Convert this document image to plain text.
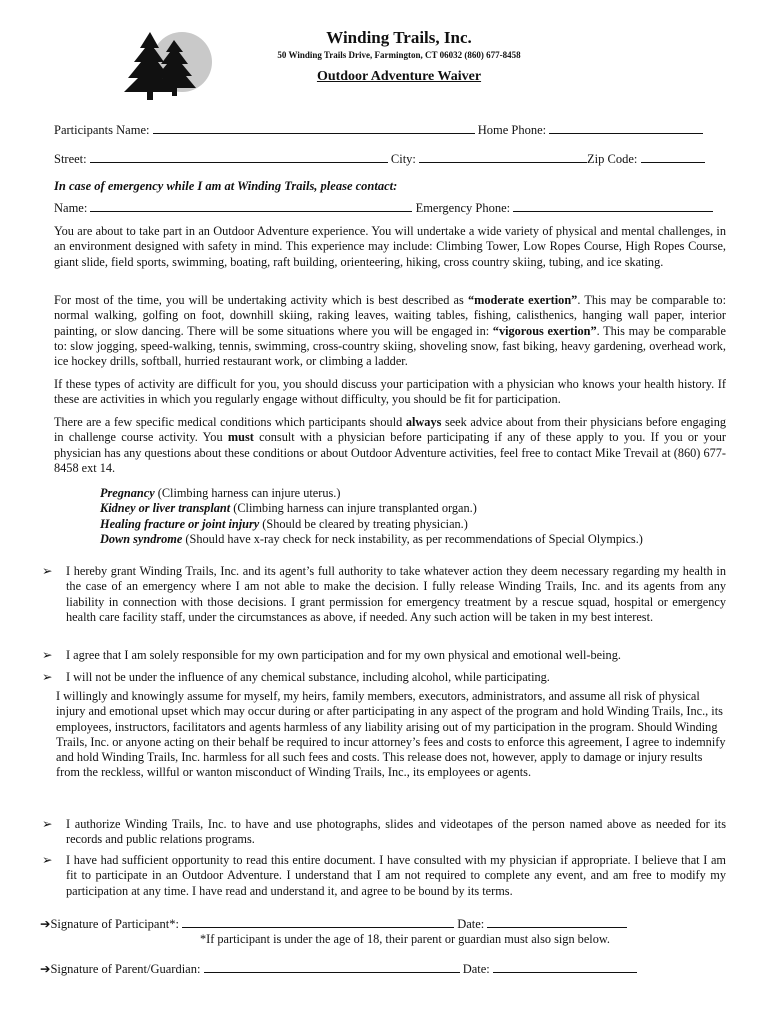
Winding Trails, Inc.
50 Winding Trails Drive, Farmington, CT 06032 (860) 677-8458
Outdoor Adventure Waiver
Participants Name:	Home Phone:
Street:	City:	Zip Code:
In case of emergency while I am at Winding Trails, please contact:
Name:	Emergency Phone:
You are about to take part in an Outdoor Adventure experience. You will undertake a wide variety of physical and mental challenges, in an environment designed with safety in mind. This experience may include: Climbing Tower, Low Ropes Course, High Ropes Course, giant slide, field sports, swimming, boating, raft building, orienteering, hiking, cross country skiing, tubing, and ice skating.
For most of the time, you will be undertaking activity which is best described as “moderate exertion”. This may be comparable to: normal walking, golfing on foot, downhill skiing, raking leaves, waiting tables, fishing, calisthenics, hanging wall paper, interior painting, or slow dancing. There will be some situations where you will be engaged in: “vigorous exertion”. This may be comparable to: slow jogging, speed-walking, tennis, swimming, cross-country skiing, shoveling snow, fast biking, heavy gardening, overhead work, ice hockey drills, softball, hurried restaurant work, or climbing a ladder.
If these types of activity are difficult for you, you should discuss your participation with a physician who knows your health history. If these are activities in which you regularly engage without difficulty, you should be fit for participation.
There are a few specific medical conditions which participants should always seek advice about from their physicians before engaging in challenge course activity. You must consult with a physician before participating if any of these apply to you. If you or your physician has any questions about these conditions or about Outdoor Adventure activities, feel free to contact Mike Trevail at (860) 677-8458 ext 14.
Pregnancy (Climbing harness can injure uterus.)
Kidney or liver transplant (Climbing harness can injure transplanted organ.)
Healing fracture or joint injury (Should be cleared by treating physician.)
Down syndrome (Should have x-ray check for neck instability, as per recommendations of Special Olympics.)
➢ I hereby grant Winding Trails, Inc. and its agent’s full authority to take whatever action they deem necessary regarding my health in the case of an emergency where I am not able to make the decision. I fully release Winding Trails, Inc. and its agents from any liability in connection with those decisions. I grant permission for emergency treatment by a rescue squad, hospital or emergency health care facility staff, under the circumstances as above, if needed. Any such action will be taken in my best interest.
➢ I agree that I am solely responsible for my own participation and for my own physical and emotional well-being.
➢ I will not be under the influence of any chemical substance, including alcohol, while participating.
I willingly and knowingly assume for myself, my heirs, family members, executors, administrators, and assume all risk of physical injury and emotional upset which may occur during or after participating in any aspect of the program and hold Winding Trails, Inc., its employees, instructors, facilitators and agents harmless of any liability arising out of my participation in the program. Should Winding Trails, Inc. or anyone acting on their behalf be required to incur attorney’s fees and costs to enforce this agreement, I agree to indemnify and hold Winding Trails, Inc. harmless for all such fees and costs. This release does not, however, apply to damage or injury results from the reckless, willful or wanton misconduct of Winding Trails, Inc., its employees or agents.
➢ I authorize Winding Trails, Inc. to have and use photographs, slides and videotapes of the person named above as needed for its records and public relations programs.
➢ I have had sufficient opportunity to read this entire document. I have consulted with my physician if appropriate. I believe that I am fit to participate in an Outdoor Adventure. I understand that I am not required to complete any event, and am free to modify my participation at any time. I have read and understand it, and agree to be bound by its terms.
➔Signature of Participant*:	Date:
*If participant is under the age of 18, their parent or guardian must also sign below.
➔Signature of Parent/Guardian:	Date:
